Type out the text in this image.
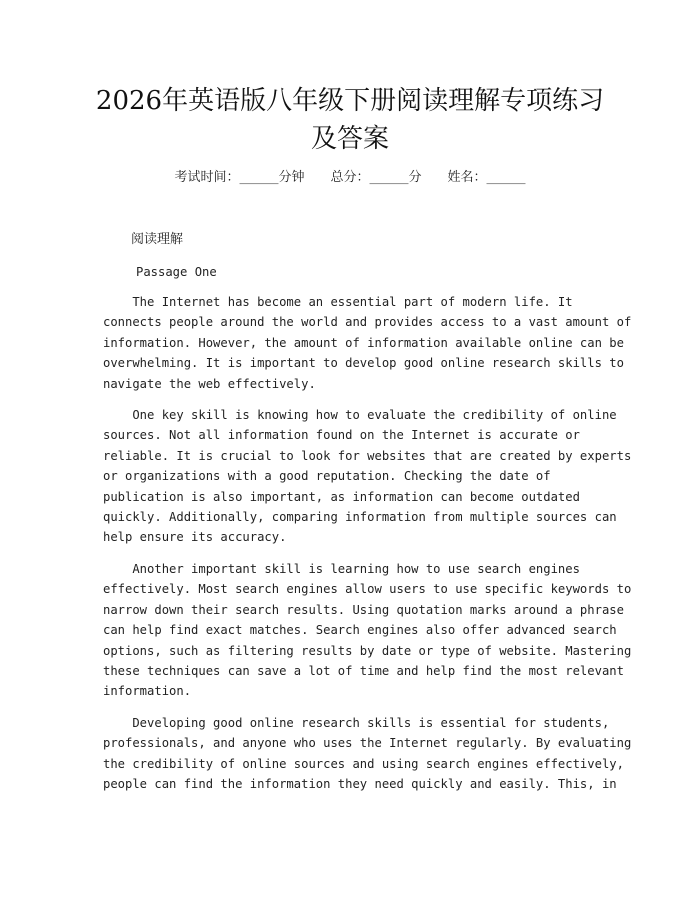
2026年英语版八年级下册阅读理解专项练习
及答案
考试时间：______分钟 总分：______分 姓名：______
阅读理解
Passage One
The Internet has become an essential part of modern life. It
connects people around the world and provides access to a vast amount of
information. However, the amount of information available online can be
overwhelming. It is important to develop good online research skills to
navigate the web effectively.
One key skill is knowing how to evaluate the credibility of online
sources. Not all information found on the Internet is accurate or
reliable. It is crucial to look for websites that are created by experts
or organizations with a good reputation. Checking the date of
publication is also important, as information can become outdated
quickly. Additionally, comparing information from multiple sources can
help ensure its accuracy.
Another important skill is learning how to use search engines
effectively. Most search engines allow users to use specific keywords to
narrow down their search results. Using quotation marks around a phrase
can help find exact matches. Search engines also offer advanced search
options, such as filtering results by date or type of website. Mastering
these techniques can save a lot of time and help find the most relevant
information.
Developing good online research skills is essential for students,
professionals, and anyone who uses the Internet regularly. By evaluating
the credibility of online sources and using search engines effectively,
people can find the information they need quickly and easily. This, in
